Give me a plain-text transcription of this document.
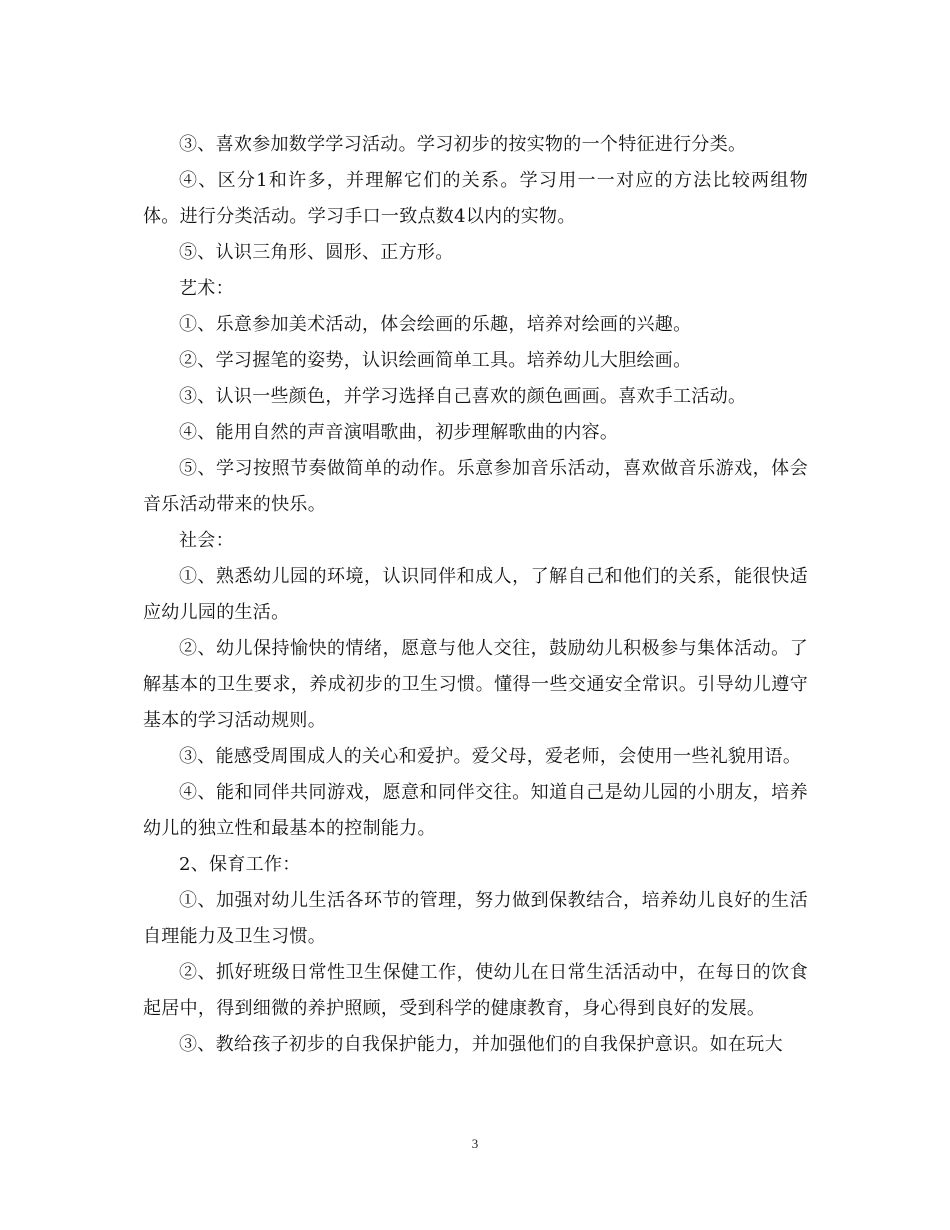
③、喜欢参加数学学习活动。学习初步的按实物的一个特征进行分类。

④、区分1和许多，并理解它们的关系。学习用一一对应的方法比较两组物体。进行分类活动。学习手口一致点数4以内的实物。

⑤、认识三角形、圆形、正方形。

艺术：

①、乐意参加美术活动，体会绘画的乐趣，培养对绘画的兴趣。

②、学习握笔的姿势，认识绘画简单工具。培养幼儿大胆绘画。

③、认识一些颜色，并学习选择自己喜欢的颜色画画。喜欢手工活动。

④、能用自然的声音演唱歌曲，初步理解歌曲的内容。

⑤、学习按照节奏做简单的动作。乐意参加音乐活动，喜欢做音乐游戏，体会音乐活动带来的快乐。

社会：

①、熟悉幼儿园的环境，认识同伴和成人，了解自己和他们的关系，能很快适应幼儿园的生活。

②、幼儿保持愉快的情绪，愿意与他人交往，鼓励幼儿积极参与集体活动。了解基本的卫生要求，养成初步的卫生习惯。懂得一些交通安全常识。引导幼儿遵守基本的学习活动规则。

③、能感受周围成人的关心和爱护。爱父母，爱老师，会使用一些礼貌用语。

④、能和同伴共同游戏，愿意和同伴交往。知道自己是幼儿园的小朋友，培养幼儿的独立性和最基本的控制能力。

2、保育工作：

①、加强对幼儿生活各环节的管理，努力做到保教结合，培养幼儿良好的生活自理能力及卫生习惯。

②、抓好班级日常性卫生保健工作，使幼儿在日常生活活动中，在每日的饮食起居中，得到细微的养护照顾，受到科学的健康教育，身心得到良好的发展。

③、教给孩子初步的自我保护能力，并加强他们的自我保护意识。如在玩大

3
